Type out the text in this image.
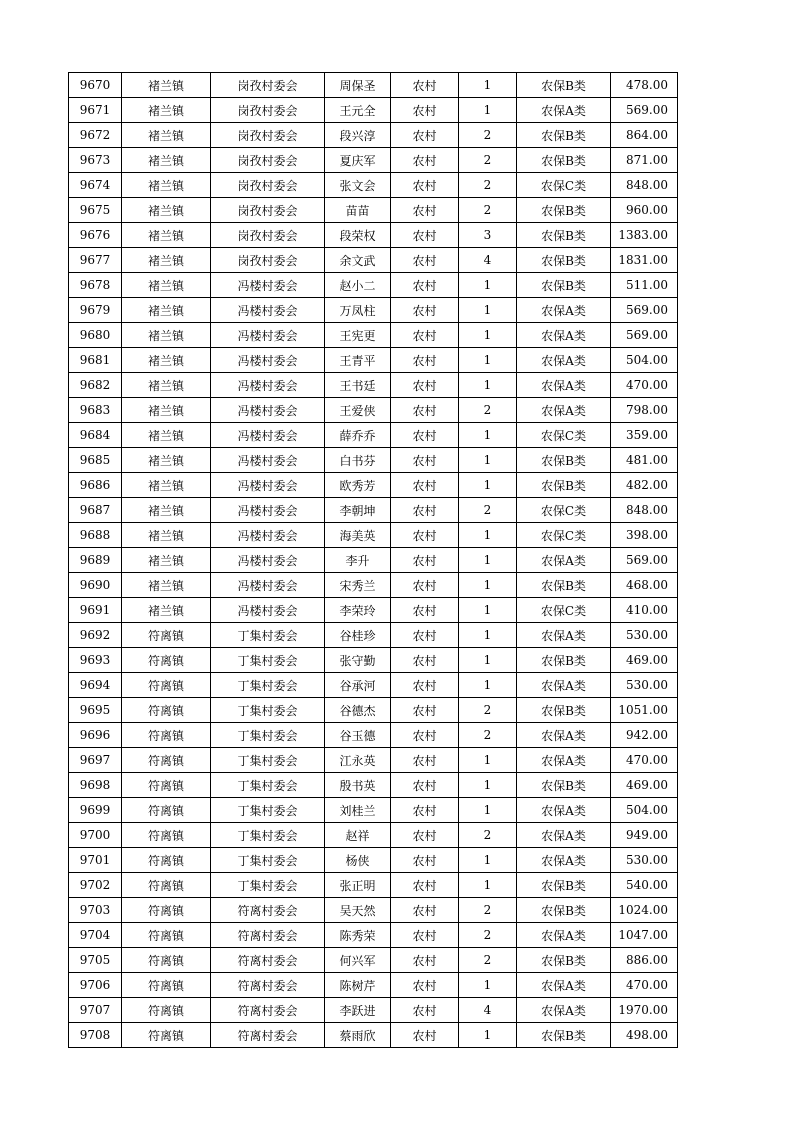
9670	褚兰镇	岗孜村委会	周保圣	农村	1	农保B类	478.00
9671	褚兰镇	岗孜村委会	王元全	农村	1	农保A类	569.00
9672	褚兰镇	岗孜村委会	段兴淳	农村	2	农保B类	864.00
9673	褚兰镇	岗孜村委会	夏庆军	农村	2	农保B类	871.00
9674	褚兰镇	岗孜村委会	张文会	农村	2	农保C类	848.00
9675	褚兰镇	岗孜村委会	苗苗	农村	2	农保B类	960.00
9676	褚兰镇	岗孜村委会	段荣权	农村	3	农保B类	1383.00
9677	褚兰镇	岗孜村委会	余文武	农村	4	农保B类	1831.00
9678	褚兰镇	冯楼村委会	赵小二	农村	1	农保B类	511.00
9679	褚兰镇	冯楼村委会	万凤柱	农村	1	农保A类	569.00
9680	褚兰镇	冯楼村委会	王宪更	农村	1	农保A类	569.00
9681	褚兰镇	冯楼村委会	王青平	农村	1	农保A类	504.00
9682	褚兰镇	冯楼村委会	王书廷	农村	1	农保A类	470.00
9683	褚兰镇	冯楼村委会	王爱侠	农村	2	农保A类	798.00
9684	褚兰镇	冯楼村委会	薛乔乔	农村	1	农保C类	359.00
9685	褚兰镇	冯楼村委会	白书芬	农村	1	农保B类	481.00
9686	褚兰镇	冯楼村委会	欧秀芳	农村	1	农保B类	482.00
9687	褚兰镇	冯楼村委会	李朝坤	农村	2	农保C类	848.00
9688	褚兰镇	冯楼村委会	海美英	农村	1	农保C类	398.00
9689	褚兰镇	冯楼村委会	李升	农村	1	农保A类	569.00
9690	褚兰镇	冯楼村委会	宋秀兰	农村	1	农保B类	468.00
9691	褚兰镇	冯楼村委会	李荣玲	农村	1	农保C类	410.00
9692	符离镇	丁集村委会	谷桂珍	农村	1	农保A类	530.00
9693	符离镇	丁集村委会	张守勤	农村	1	农保B类	469.00
9694	符离镇	丁集村委会	谷承河	农村	1	农保A类	530.00
9695	符离镇	丁集村委会	谷德杰	农村	2	农保B类	1051.00
9696	符离镇	丁集村委会	谷玉德	农村	2	农保A类	942.00
9697	符离镇	丁集村委会	江永英	农村	1	农保A类	470.00
9698	符离镇	丁集村委会	殷书英	农村	1	农保B类	469.00
9699	符离镇	丁集村委会	刘桂兰	农村	1	农保A类	504.00
9700	符离镇	丁集村委会	赵祥	农村	2	农保A类	949.00
9701	符离镇	丁集村委会	杨侠	农村	1	农保A类	530.00
9702	符离镇	丁集村委会	张正明	农村	1	农保B类	540.00
9703	符离镇	符离村委会	吴天然	农村	2	农保B类	1024.00
9704	符离镇	符离村委会	陈秀荣	农村	2	农保A类	1047.00
9705	符离镇	符离村委会	何兴军	农村	2	农保B类	886.00
9706	符离镇	符离村委会	陈树芹	农村	1	农保A类	470.00
9707	符离镇	符离村委会	李跃进	农村	4	农保A类	1970.00
9708	符离镇	符离村委会	蔡雨欣	农村	1	农保B类	498.00
